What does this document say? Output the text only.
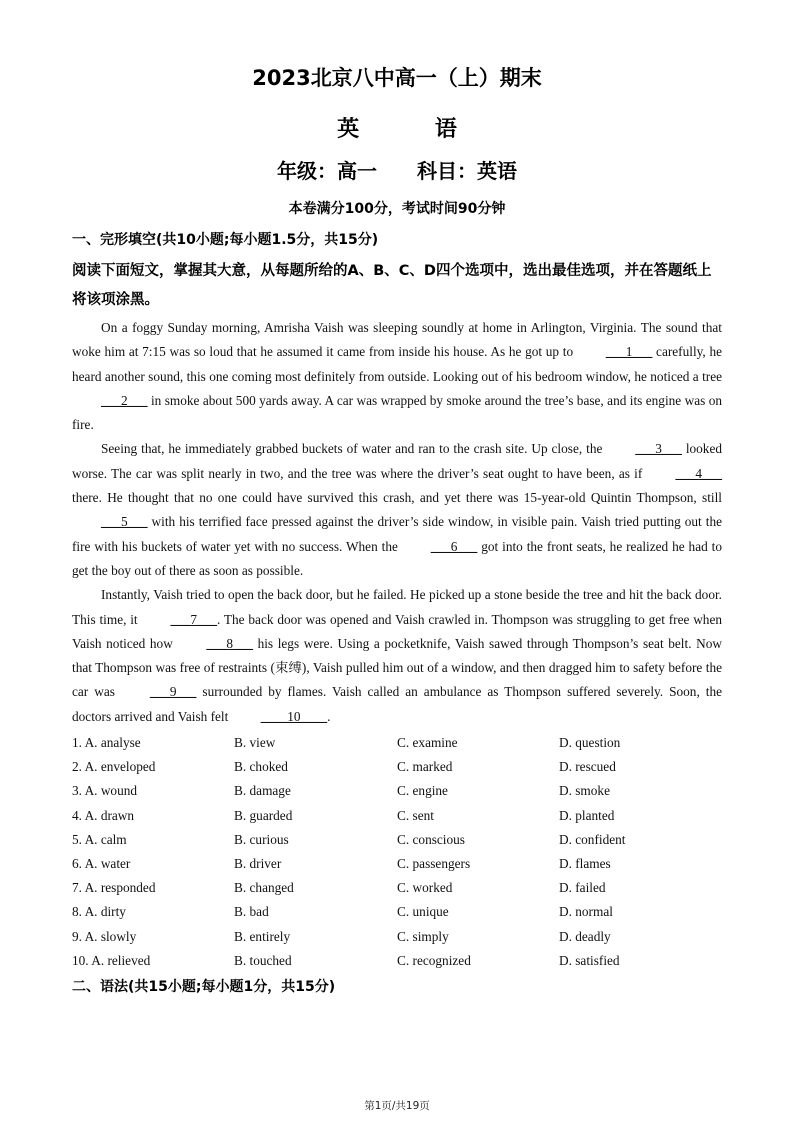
2023北京八中高一（上）期末
英 语
年级：高一 科目：英语
本卷满分100分，考试时间90分钟
一、完形填空(共10小题;每小题1.5分，共15分)
阅读下面短文，掌握其大意，从每题所给的A、B、C、D四个选项中，选出最佳选项，并在答题纸上将该项涂黑。

On a foggy Sunday morning, Amrisha Vaish was sleeping soundly at home in Arlington, Virginia. The sound that woke him at 7:15 was so loud that he assumed it came from inside his house. As he got up to ___1___ carefully, he heard another sound, this one coming most definitely from outside. Looking out of his bedroom window, he noticed a tree ___2___ in smoke about 500 yards away. A car was wrapped by smoke around the tree’s base, and its engine was on fire.

Seeing that, he immediately grabbed buckets of water and ran to the crash site. Up close, the ___3___ looked worse. The car was split nearly in two, and the tree was where the driver’s seat ought to have been, as if ___4___ there. He thought that no one could have survived this crash, and yet there was 15-year-old Quintin Thompson, still ___5___ with his terrified face pressed against the driver’s side window, in visible pain. Vaish tried putting out the fire with his buckets of water yet with no success. When the ___6___ got into the front seats, he realized he had to get the boy out of there as soon as possible.

Instantly, Vaish tried to open the back door, but he failed. He picked up a stone beside the tree and hit the back door. This time, it ___7___. The back door was opened and Vaish crawled in. Thompson was struggling to get free when Vaish noticed how ___8___ his legs were. Using a pocketknife, Vaish sawed through Thompson’s seat belt. Now that Thompson was free of restraints (束缚), Vaish pulled him out of a window, and then dragged him to safety before the car was ___9___ surrounded by flames. Vaish called an ambulance as Thompson suffered severely. Soon, the doctors arrived and Vaish felt ____10____.

1. A. analyse	B. view	C. examine	D. question
2. A. enveloped	B. choked	C. marked	D. rescued
3. A. wound	B. damage	C. engine	D. smoke
4. A. drawn	B. guarded	C. sent	D. planted
5. A. calm	B. curious	C. conscious	D. confident
6. A. water	B. driver	C. passengers	D. flames
7. A. responded	B. changed	C. worked	D. failed
8. A. dirty	B. bad	C. unique	D. normal
9. A. slowly	B. entirely	C. simply	D. deadly
10. A. relieved	B. touched	C. recognized	D. satisfied
二、语法(共15小题;每小题1分，共15分)
第1页/共19页
